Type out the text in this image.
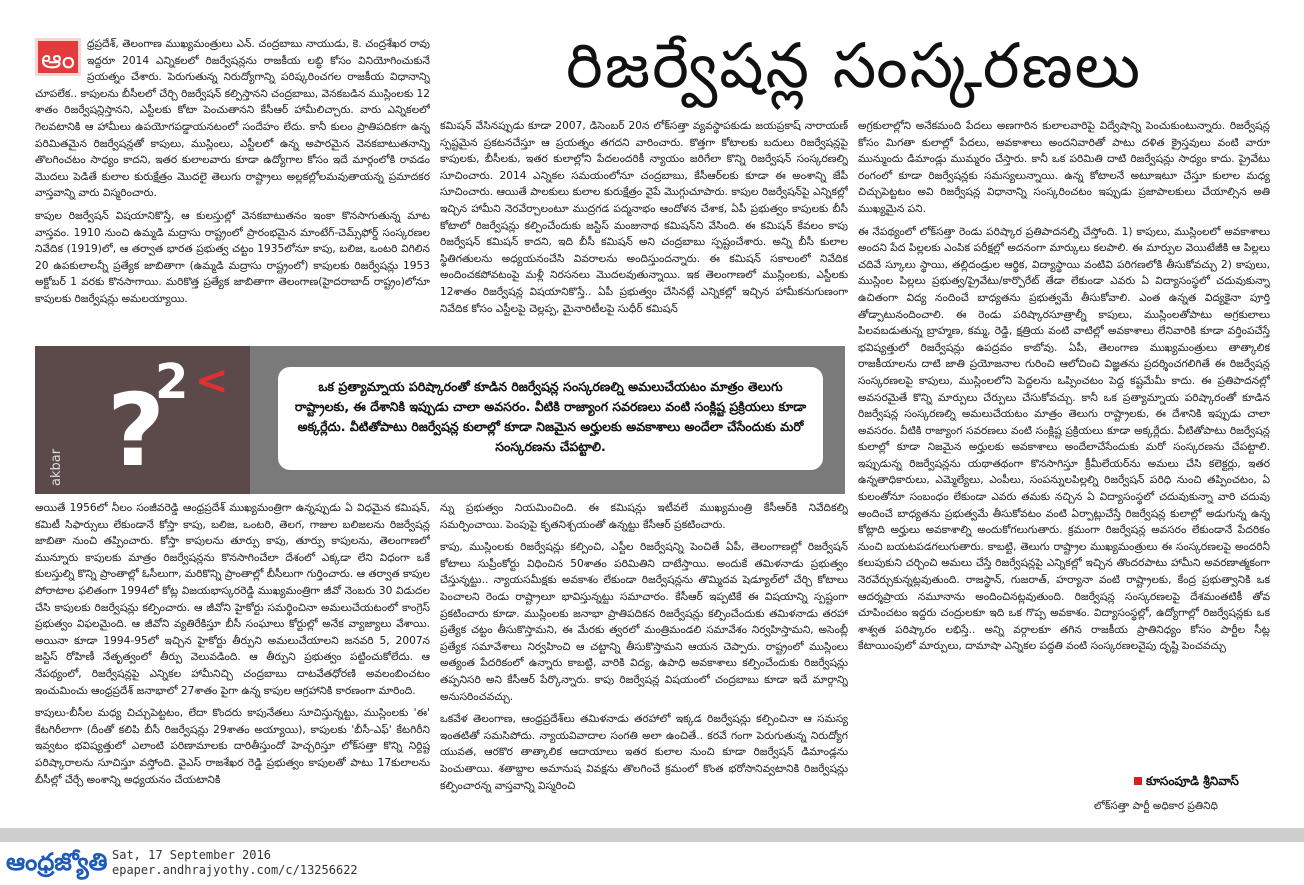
రిజర్వేషన్ల సంస్కరణలు

ఆం
ధ్రప్రదేశ్, తెలంగాణ ముఖ్యమంత్రులు ఎన్. చంద్రబాబు నాయుడు, కె. చంద్రశేఖర రావు ఇద్దరూ 2014 ఎన్నికలలో రిజర్వేషన్లను రాజకీయ లబ్ధి కోసం వినియోగించుకునే ప్రయత్నం చేశారు. పెరుగుతున్న నిరుద్యోగాన్ని పరిష్కరించగల రాజకీయ విధానాన్ని చూపలేక.. కాపులను బీసీలలో చేర్చి రిజర్వేషన్ కల్పిస్తానని చంద్రబాబు, వెనకబడిన ముస్లింలకు 12 శాతం రిజర్వేషన్లిస్తానని, ఎస్టీలకు కోటా పెంచుతానని కేసీఆర్ హామీలిచ్చారు. వారు ఎన్నికలలో గెలవటానికి ఆ హామీలు ఉపయోగపడ్డాయనటంలో సందేహం లేదు. కానీ కులం ప్రాతిపదికగా ఉన్న పరిమితమైన రిజర్వేషన్లతో కాపులు, ముస్లింలు, ఎస్టీలలో ఉన్న అపారమైన వెనకబాటుతనాన్ని తొలగించటం సాధ్యం కాదని, ఇతర కులాలవారు కూడా ఉద్యోగాల కోసం ఇదే మార్గంలోకి రావడం మొదలు పెడితే కులాల కురుక్షేత్రం మొదలై తెలుగు రాష్ట్రాలు అల్లకల్లోలమవుతాయన్న ప్రమాదకర వాస్తవాన్ని వారు విస్మరించారు.

కాపుల రిజర్వేషన్ విషయానికొస్తే, ఆ కులస్తుల్లో వెనకబాటుతనం ఇంకా కొనసాగుతున్న మాట వాస్తవం. 1910 నుంచి ఉమ్మడి మద్రాసు రాష్ట్రంలో ప్రారంభమైన మాంటేగ్-చెమ్స్‌ఫోర్డ్ సంస్కరణల నివేదిక (1919)లో, ఆ తర్వాత భారత ప్రభుత్వ చట్టం 1935లోనూ కాపు, బలిజ, ఒంటరి విగిలిన 20 ఉపకులాలన్నీ ప్రత్యేక జాబితాగా (ఉమ్మడి మద్రాసు రాష్ట్రంలో) కాపులకు రిజర్వేషన్లు 1953 అక్టోబర్ 1 వరకు కొనసాగాయి. మరికొత్త ప్రత్యేక జాబితాగా తెలంగాణ(హైదరాబాద్ రాష్ట్రం)లోనూ కాపులకు రిజర్వేషన్లు అమలయ్యాయి.

కమిషన్ వేసినప్పుడు కూడా 2007, డిసెంబర్ 20న లోక్‌సత్తా వ్యవస్థాపకుడు జయప్రకాష్ నారాయణ్ స్పష్టమైన ప్రకటనచేస్తూ ఆ ప్రయత్నం తగదని వారించారు. కొత్తగా కోటాలకు బదులు రిజర్వేషన్లపై కాపులకు, బీసీలకు, ఇతర కులాల్లోని పేదలందరికీ న్యాయం జరిగేలా కొన్ని రిజర్వేషన్ సంస్కరణల్ని సూచించారు. 2014 ఎన్నికల సమయంలోనూ చంద్రబాబు, కేసీఆర్‌లకు కూడా ఈ అంశాన్ని జేపీ సూచించారు. ఆయితే పాలకులు కులాల కురుక్షేత్రం వైపే మొగ్గుచూపారు. కాపుల రిజర్వేషన్‌పై ఎన్నికల్లో ఇచ్చిన హామీని నెరవేర్చాలంటూ ముద్రగడ పద్మనాభం ఆందోళన చేశాక, ఏపీ ప్రభుత్వం కాపులకు బీసీ కోటాలో రిజర్వేషన్లు కల్పించేందుకు జస్టిస్ మంజునాథ కమిషన్‌ని వేసింది. ఈ కమిషన్ కేవలం కాపు రిజర్వేషన్ కమిషన్ కాదని, ఇది బీసీ కమిషన్ అని చంద్రబాబు స్పష్టంచేశారు. అన్ని బీసీ కులాల స్థితిగతులను అధ్యయనంచేసి వివరాలను అందిస్తుందన్నారు. ఈ కమిషన్ సకాలంలో నివేదిక అందించకపోవటంపై మళ్లీ నిరసనలు మొదలవుతున్నాయి. ఇక తెలంగాణలో ముస్లింలకు, ఎస్టీలకు 12శాతం రిజర్వేషన్ల విషయానికొస్తే.. ఏపీ ప్రభుత్వం చేసినట్లే ఎన్నికల్లో ఇచ్చిన హామీకనుగుణంగా నివేదిక కోసం ఎస్టీలపై చెల్లప్ప, మైనారిటీలపై సుధీర్ కమిషన్

అగ్రకులాల్లోని అనేకమంది పేదలు అణగారిన కులాలవారిపై విద్వేషాన్ని పెంచుకుంటున్నారు. రిజర్వేషన్ల కోసం మిగతా కులాల్లో పేదలు, అవకాశాలు అందనివారితో పాటు దళిత క్రైస్తవులు వంటి వారూ మున్ముందు డిమాండ్లు ముమ్మరం చేస్తారు. కానీ ఒక పరిమితి దాటి రిజర్వేషన్లు సాధ్యం కాదు. ప్రైవేటు రంగంలో కూడా రిజర్వేషన్లకు సమస్యలున్నాయి. ఉన్న కోటాలనే అటూఇటూ చేస్తూ కులాల మధ్య చిచ్చుపెట్టటం అవి రిజర్వేషన్ల విధానాన్ని సంస్కరించటం ఇప్పుడు ప్రజాపాలకులు చేయాల్సిన అతి ముఖ్యమైన పని.

ఈ నేపథ్యంలో లోక్‌సత్తా రెండు పరిష్కార ప్రతిపాదనల్ని చేస్తోంది. 1) కాపులు, ముస్లింలలో అవకాశాలు అందని పేద పిల్లలకు ఎంపిక పరీక్షల్లో అదనంగా మార్కులు కలపాలి. ఈ మార్పుల వెయిటేజీకి ఆ పిల్లలు చదివే స్కూలు స్థాయి, తల్లిదండ్రుల ఆర్థిక, విద్యాస్థాయి వంటివి పరిగణలోకి తీసుకోవచ్చు 2) కాపులు, ముస్లింల పిల్లలు ప్రభుత్వ/ప్రైవేటు/కార్పొరేట్ తేడా లేకుండా ఎవరు ఏ విద్యాసంస్థలో చదువుకున్నా ఉచితంగా విద్య నందించే బాధ్యతను ప్రభుత్వమే తీసుకోవాలి. ఎంత ఉన్నత విద్యకైనా పూర్తి తోడ్పాటునందించాలి. ఈ రెండు పరిష్కారసూత్రాల్నీ కాపులు, ముస్లింలతోపాటు అగ్రకులాలు పిలవబడుతున్న బ్రాహ్మణ, కమ్మ, రెడ్డి, క్షత్రియ వంటి వాటిల్లో అవకాశాలు లేనివారికి కూడా వర్తింపచేస్తే భవిష్యత్తులో రిజర్వేషన్లు ఉపద్రవం కాబోవు. ఏపీ, తెలంగాణ ముఖ్యమంత్రులు తాత్కాలిక రాజకీయాలను దాటి జాతి ప్రయోజనాల గురించి ఆలోచించి విజ్ఞతను ప్రదర్శించగలిగితే ఈ రిజర్వేషన్ల సంస్కరణలపై కాపులు, ముస్లింలలోని పెద్దలను ఒప్పించటం పెద్ద కష్టమేమీ కాదు. ఈ ప్రతిపాదనల్లో అవసరమైతే కొన్ని మార్పులు చేర్పులు చేసుకోవచ్చు. కానీ ఒక ప్రత్యామ్నాయ పరిష్కారంతో కూడిన రిజర్వేషన్ల సంస్కరణల్ని అమలుచేయటం మాత్రం తెలుగు రాష్ట్రాలకు, ఈ దేశానికి ఇప్పుడు చాలా అవసరం. వీటికి రాజ్యాంగ సవరణలు వంటి సంక్లిష్ట ప్రక్రియలు కూడా అక్కర్లేదు. వీటితోపాటు రిజర్వేషన్ల కులాల్లో కూడా నిజమైన అర్హులకు అవకాశాలు అందేలాచేసేందుకు మరో సంస్కరణను చేపట్టాలి. ఇప్పుడున్న రిజర్వేషన్లను యథాతథంగా కొనసాగిస్తూ క్రీమీలేయర్‌ను అమలు చేసి కలెక్టర్లు, ఇతర ఉన్నతాధికారులు, ఎమ్మెల్యేలు, ఎంపీలు, సంపన్నులపిల్లల్ని రిజర్వేషన్ పరిధి నుంచి తప్పించటం, ఏ కులంతోనూ సంబంధం లేకుండా ఎవరు తమకు నచ్చిన ఏ విద్యాసంస్థలో చదువుకున్నా వారి చదువు అందించే బాధ్యతను ప్రభుత్వమే తీసుకోవటం వంటి ఏర్పాట్లుచేస్తే రిజర్వేషన్ల కులాల్లో అడుగున్న ఉన్న కోట్లాది అర్హులు అవకాశాల్ని అందుకోగలుగుతారు. క్రమంగా రిజర్వేషన్ల అవసరం లేకుండానే పేదరికం నుంచి బయటపడగలుగుతారు. కాబట్టి, తెలుగు రాష్ట్రాల ముఖ్యమంత్రులు ఈ సంస్కరణలపై అందరినీ కలుపుకుని చర్చించి అమలు చేస్తే రిజర్వేషన్లపై ఎన్నికల్లో ఇచ్చిన తొందరపాటు హామీని అవరణాత్మకంగా నెరవేర్చుకున్నట్లవుతుంది. రాజస్థాన్, గుజరాత్, హర్యానా వంటి రాష్ట్రాలకు, కేంద్ర ప్రభుత్వానికి ఒక ఆదర్శప్రాయ నమూనాను అందించినట్లవుతుంది. రిజర్వేషన్ల సంస్కరణలపై దేశమంతటికీ తోవ చూపించటం ఇద్దరు చంద్రులకూ ఇది ఒక గొప్ప అవకాశం. విద్యాసంస్థల్లో, ఉద్యోగాల్లో రిజర్వేషన్లకు ఒక శాశ్వత పరిష్కారం లభిస్తే.. అన్ని వర్గాలకూ తగిన రాజకీయ ప్రాతినిధ్యం కోసం పార్టీల సీట్ల కేటాయింపులో మార్పులు, దామాషా ఎన్నికల పద్ధతి వంటి సంస్కరణలవైపు దృష్టి పెంచవచ్చు

2 <
?
akbar
ఒక ప్రత్యామ్నాయ పరిష్కారంతో కూడిన రిజర్వేషన్ల సంస్కరణల్ని అమలుచేయటం మాత్రం తెలుగు రాష్ట్రాలకు, ఈ దేశానికి ఇప్పుడు చాలా అవసరం. వీటికి రాజ్యాంగ సవరణలు వంటి సంక్లిష్ట ప్రక్రియలు కూడా అక్కర్లేదు. వీటితోపాటు రిజర్వేషన్ల కులాల్లో కూడా నిజమైన అర్హులకు అవకాశాలు అందేలా చేసేందుకు మరో సంస్కరణను చేపట్టాలి.

అయితే 1956లో నీలం సంజీవరెడ్డి ఆంధ్రప్రదేశ్ ముఖ్యమంత్రిగా ఉన్నప్పుడు ఏ విధమైన కమిషన్, కమిటీ సిఫార్సులు లేకుండానే కోస్తా కాపు, బలిజ, ఒంటరి, తెలగ, గాజుల బలిజలను రిజర్వేషన్ల జాబితా నుంచి తప్పించారు. కోస్తా కాపులను తూర్పు కాపు, తూర్పు కాపులను, తెలంగాణలో మున్నూరు కాపులకు మాత్రం రిజర్వేషన్లను కొనసాగించేలా దేశంలో ఎక్కడా లేని విధంగా ఒకే కులస్తుల్ని కొన్ని ప్రాంతాల్లో ఓసీలుగా, మరికొన్ని ప్రాంతాల్లో బీసీలుగా గుర్తించారు. ఆ తర్వాత కాపుల పోరాటాల ఫలితంగా 1994లో కోట్ల విజయభాస్కరరెడ్డి ముఖ్యమంత్రిగా జీవో నెంబరు 30 విడుదల చేసి కాపులకు రిజర్వేషన్లు కల్పించారు. ఆ జీవోని హైకోర్టు సమర్థించినా అమలుచేయటంలో కాంగ్రెస్ ప్రభుత్వం విఫలమైంది. ఆ జీవోని వ్యతిరేకిస్తూ బీసీ సంఘాలు కోర్టుల్లో అనేక వ్యాజ్యాలు వేశాయి. అయినా కూడా 1994-95లో ఇచ్చిన హైకోర్టు తీర్పుని అమలుచేయాలని జనవరి 5, 2007న జస్టిస్ రోహిణీ నేతృత్వంలో తీర్పు వెలువడింది. ఆ తీర్పుని ప్రభుత్వం పట్టించుకోలేదు. ఆ నేపథ్యంలో, రిజర్వేషన్లపై ఎన్నికల హామీనిచ్చి చంద్రబాబు దాటవేతధోరణి అవలంబించటం ఇంచుమించు ఆంధ్రప్రదేశ్ జనాభాలో 27శాతం పైగా ఉన్న కాపుల ఆగ్రహానికి కారణంగా మారింది.

కాపులు-బీసీల మధ్య చిచ్చుపెట్టటం, లేదా కొందరు కాపునేతలు సూచిస్తున్నట్టు, ముస్లింలకు 'ఈ' కేటగిరీలాగా (దీంతో కలిపి బీసీ రిజర్వేషన్లు 29శాతం అయ్యాయి), కాపులకు 'బీసీ-ఎఫ్' కేటగిరీని ఇవ్వటం భవిష్యత్తులో ఎలాంటి పరిణామాలకు దారితీస్తుందో హెచ్చరిస్తూ లోక్‌సత్తా కొన్ని నిర్దిష్ట పరిష్కారాలను సూచిస్తూ వస్తోంది. వైఎస్ రాజశేఖర రెడ్డి ప్రభుత్వం కాపులతో పాటు 17కులాలను బీసీల్లో చేర్చే అంశాన్ని అధ్యయనం చేయటానికి

న్ను ప్రభుత్వం నియమించింది. ఈ కమిషన్లు ఇటీవలే ముఖ్యమంత్రి కేసీఆర్‌కి నివేదికల్ని సమర్పించాయి. పెంపుపై కృతనిశ్చయంతో ఉన్నట్టు కేసీఆర్ ప్రకటించారు.

కాపు, ముస్లింలకు రిజర్వేషన్లు కల్పించి, ఎస్టీల రిజర్వేషన్ని పెంచితే ఏపీ, తెలంగాణల్లో రిజర్వేషన్ కోటాలు సుప్రీంకోర్టు విధించిన 50శాతం పరిమితిని దాటేస్తాయి. అందుకే తమిళనాడు ప్రభుత్వం చేస్తున్నట్టు.. న్యాయసమీక్షకు అవకాశం లేకుండా రిజర్వేషన్లను తొమ్మిదవ షెడ్యూల్‌లో చేర్చి కోటాలు పెంచాలని రెండు రాష్ట్రాలూ భావిస్తున్నట్టు సమాచారం. కేసీఆర్ ఇప్పటికే ఈ విషయాన్ని స్పష్టంగా ప్రకటించారు కూడా. ముస్లింలకు జనాభా ప్రాతిపదికన రిజర్వేషన్లు కల్పించేందుకు తమిళనాడు తరహా ప్రత్యేక చట్టం తీసుకొస్తామని, ఈ మేరకు త్వరలో మంత్రిమండలి సమావేశం నిర్వహిస్తామని, అసెంబ్లీ ప్రత్యేక సమావేశాలు నిర్వహించి ఆ చట్టాన్ని తీసుకొస్తామని ఆయన చెప్పారు. రాష్ట్రంలో ముస్లింలు అత్యంత పేదరికంలో ఉన్నారు కాబట్టి, వారికి విద్య, ఉపాధి అవకాశాలు కల్పించేందుకు రిజర్వేషన్లు తప్పనిసరి అని కేసీఆర్ పేర్కొన్నారు. కాపు రిజర్వేషన్ల విషయంలో చంద్రబాబు కూడా ఇదే మార్గాన్ని అనుసరించవచ్చు.

ఒకవేళ తెలంగాణ, ఆంధ్రప్రదేశ్‌లు తమిళనాడు తరహాలో ఇక్కడ రిజర్వేషన్లు కల్పించినా ఆ సమస్య ఇంతటితో సమసిపోదు. న్యాయవివాదాల సంగతి అలా ఉంచితే.. కరవే గంగా పెరుగుతున్న నిరుద్యోగ యువత, ఆరకొర తాత్కాలిక ఆదాయాలు ఇతర కులాల నుంచి కూడా రిజర్వేషన్ డిమాండ్లను పెంచుతాయి. శతాబ్దాల అమానుష వివక్షను తొలగించే క్రమంలో కొంత భరోసానివ్వటానికి రిజర్వేషన్లు కల్పించారన్న వాస్తవాన్ని విస్మరించి	కూసంపూడి శ్రీనివాస్
లోక్‌సత్తా పార్టీ అధికార ప్రతినిధి
ఆంధ్రజ్యోతి Sat, 17 September 2016
epaper.andhrajyothy.com/c/13256622
